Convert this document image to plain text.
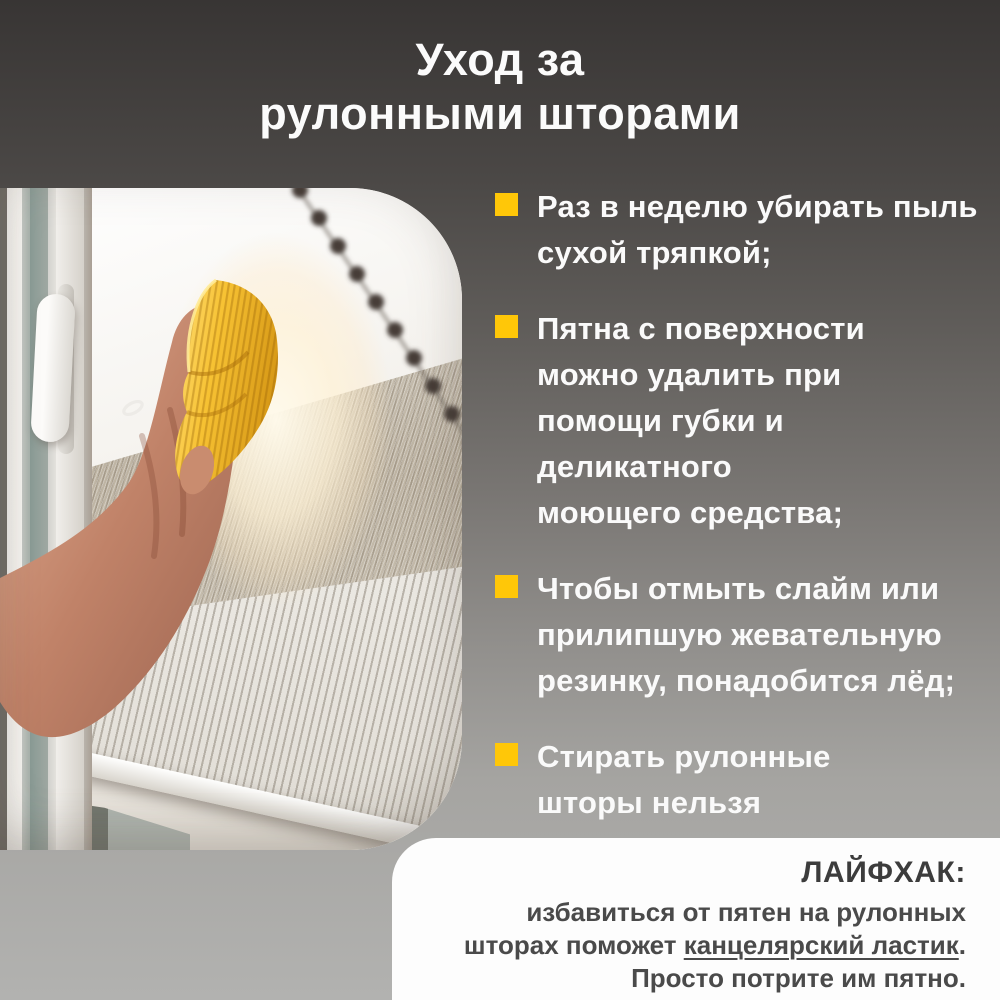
Уход за
рулонными шторами
Раз в неделю убирать пыль
сухой тряпкой;
Пятна с поверхности
можно удалить при
помощи губки и
деликатного
моющего средства;
Чтобы отмыть слайм или
прилипшую жевательную
резинку, понадобится лёд;
Стирать рулонные
шторы нельзя
ЛАЙФХАК:
избавиться от пятен на рулонных
шторах поможет канцелярский ластик.
Просто потрите им пятно.
